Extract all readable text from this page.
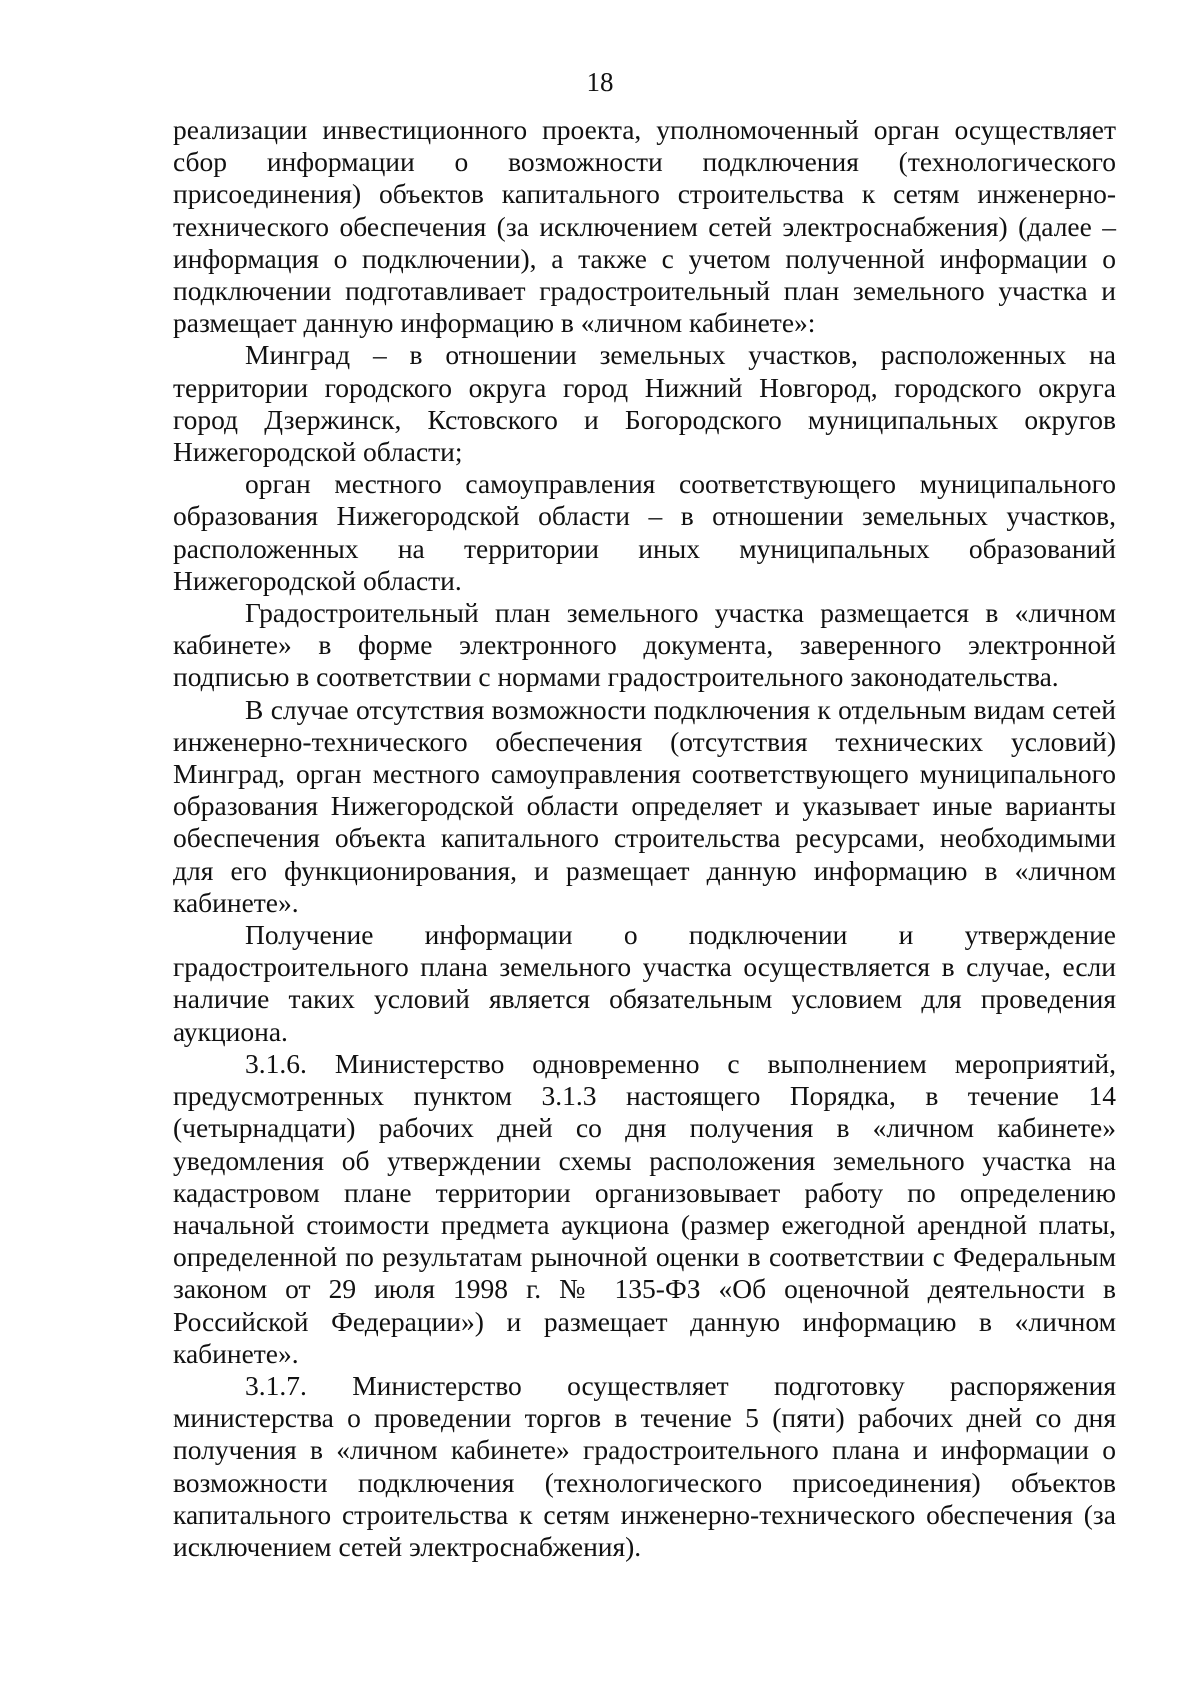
18

реализации инвестиционного проекта, уполномоченный орган осуществляет сбор информации о возможности подключения (технологического присоединения) объектов капитального строительства к сетям инженерно-технического обеспечения (за исключением сетей электроснабжения) (далее – информация о подключении), а также с учетом полученной информации о подключении подготавливает градостроительный план земельного участка и размещает данную информацию в «личном кабинете»:

Минград – в отношении земельных участков, расположенных на территории городского округа город Нижний Новгород, городского округа город Дзержинск, Кстовского и Богородского муниципальных округов Нижегородской области;

орган местного самоуправления соответствующего муниципального образования Нижегородской области – в отношении земельных участков, расположенных на территории иных муниципальных образований Нижегородской области.

Градостроительный план земельного участка размещается в «личном кабинете» в форме электронного документа, заверенного электронной подписью в соответствии с нормами градостроительного законодательства.

В случае отсутствия возможности подключения к отдельным видам сетей инженерно-технического обеспечения (отсутствия технических условий) Минград, орган местного самоуправления соответствующего муниципального образования Нижегородской области определяет и указывает иные варианты обеспечения объекта капитального строительства ресурсами, необходимыми для его функционирования, и размещает данную информацию в «личном кабинете».

Получение информации о подключении и утверждение градостроительного плана земельного участка осуществляется в случае, если наличие таких условий является обязательным условием для проведения аукциона.

3.1.6. Министерство одновременно с выполнением мероприятий, предусмотренных пунктом 3.1.3 настоящего Порядка, в течение 14 (четырнадцати) рабочих дней со дня получения в «личном кабинете» уведомления об утверждении схемы расположения земельного участка на кадастровом плане территории организовывает работу по определению начальной стоимости предмета аукциона (размер ежегодной арендной платы, определенной по результатам рыночной оценки в соответствии с Федеральным законом от 29 июля 1998 г. № 135-ФЗ «Об оценочной деятельности в Российской Федерации») и размещает данную информацию в «личном кабинете».

3.1.7. Министерство осуществляет подготовку распоряжения министерства о проведении торгов в течение 5 (пяти) рабочих дней со дня получения в «личном кабинете» градостроительного плана и информации о возможности подключения (технологического присоединения) объектов капитального строительства к сетям инженерно-технического обеспечения (за исключением сетей электроснабжения).
